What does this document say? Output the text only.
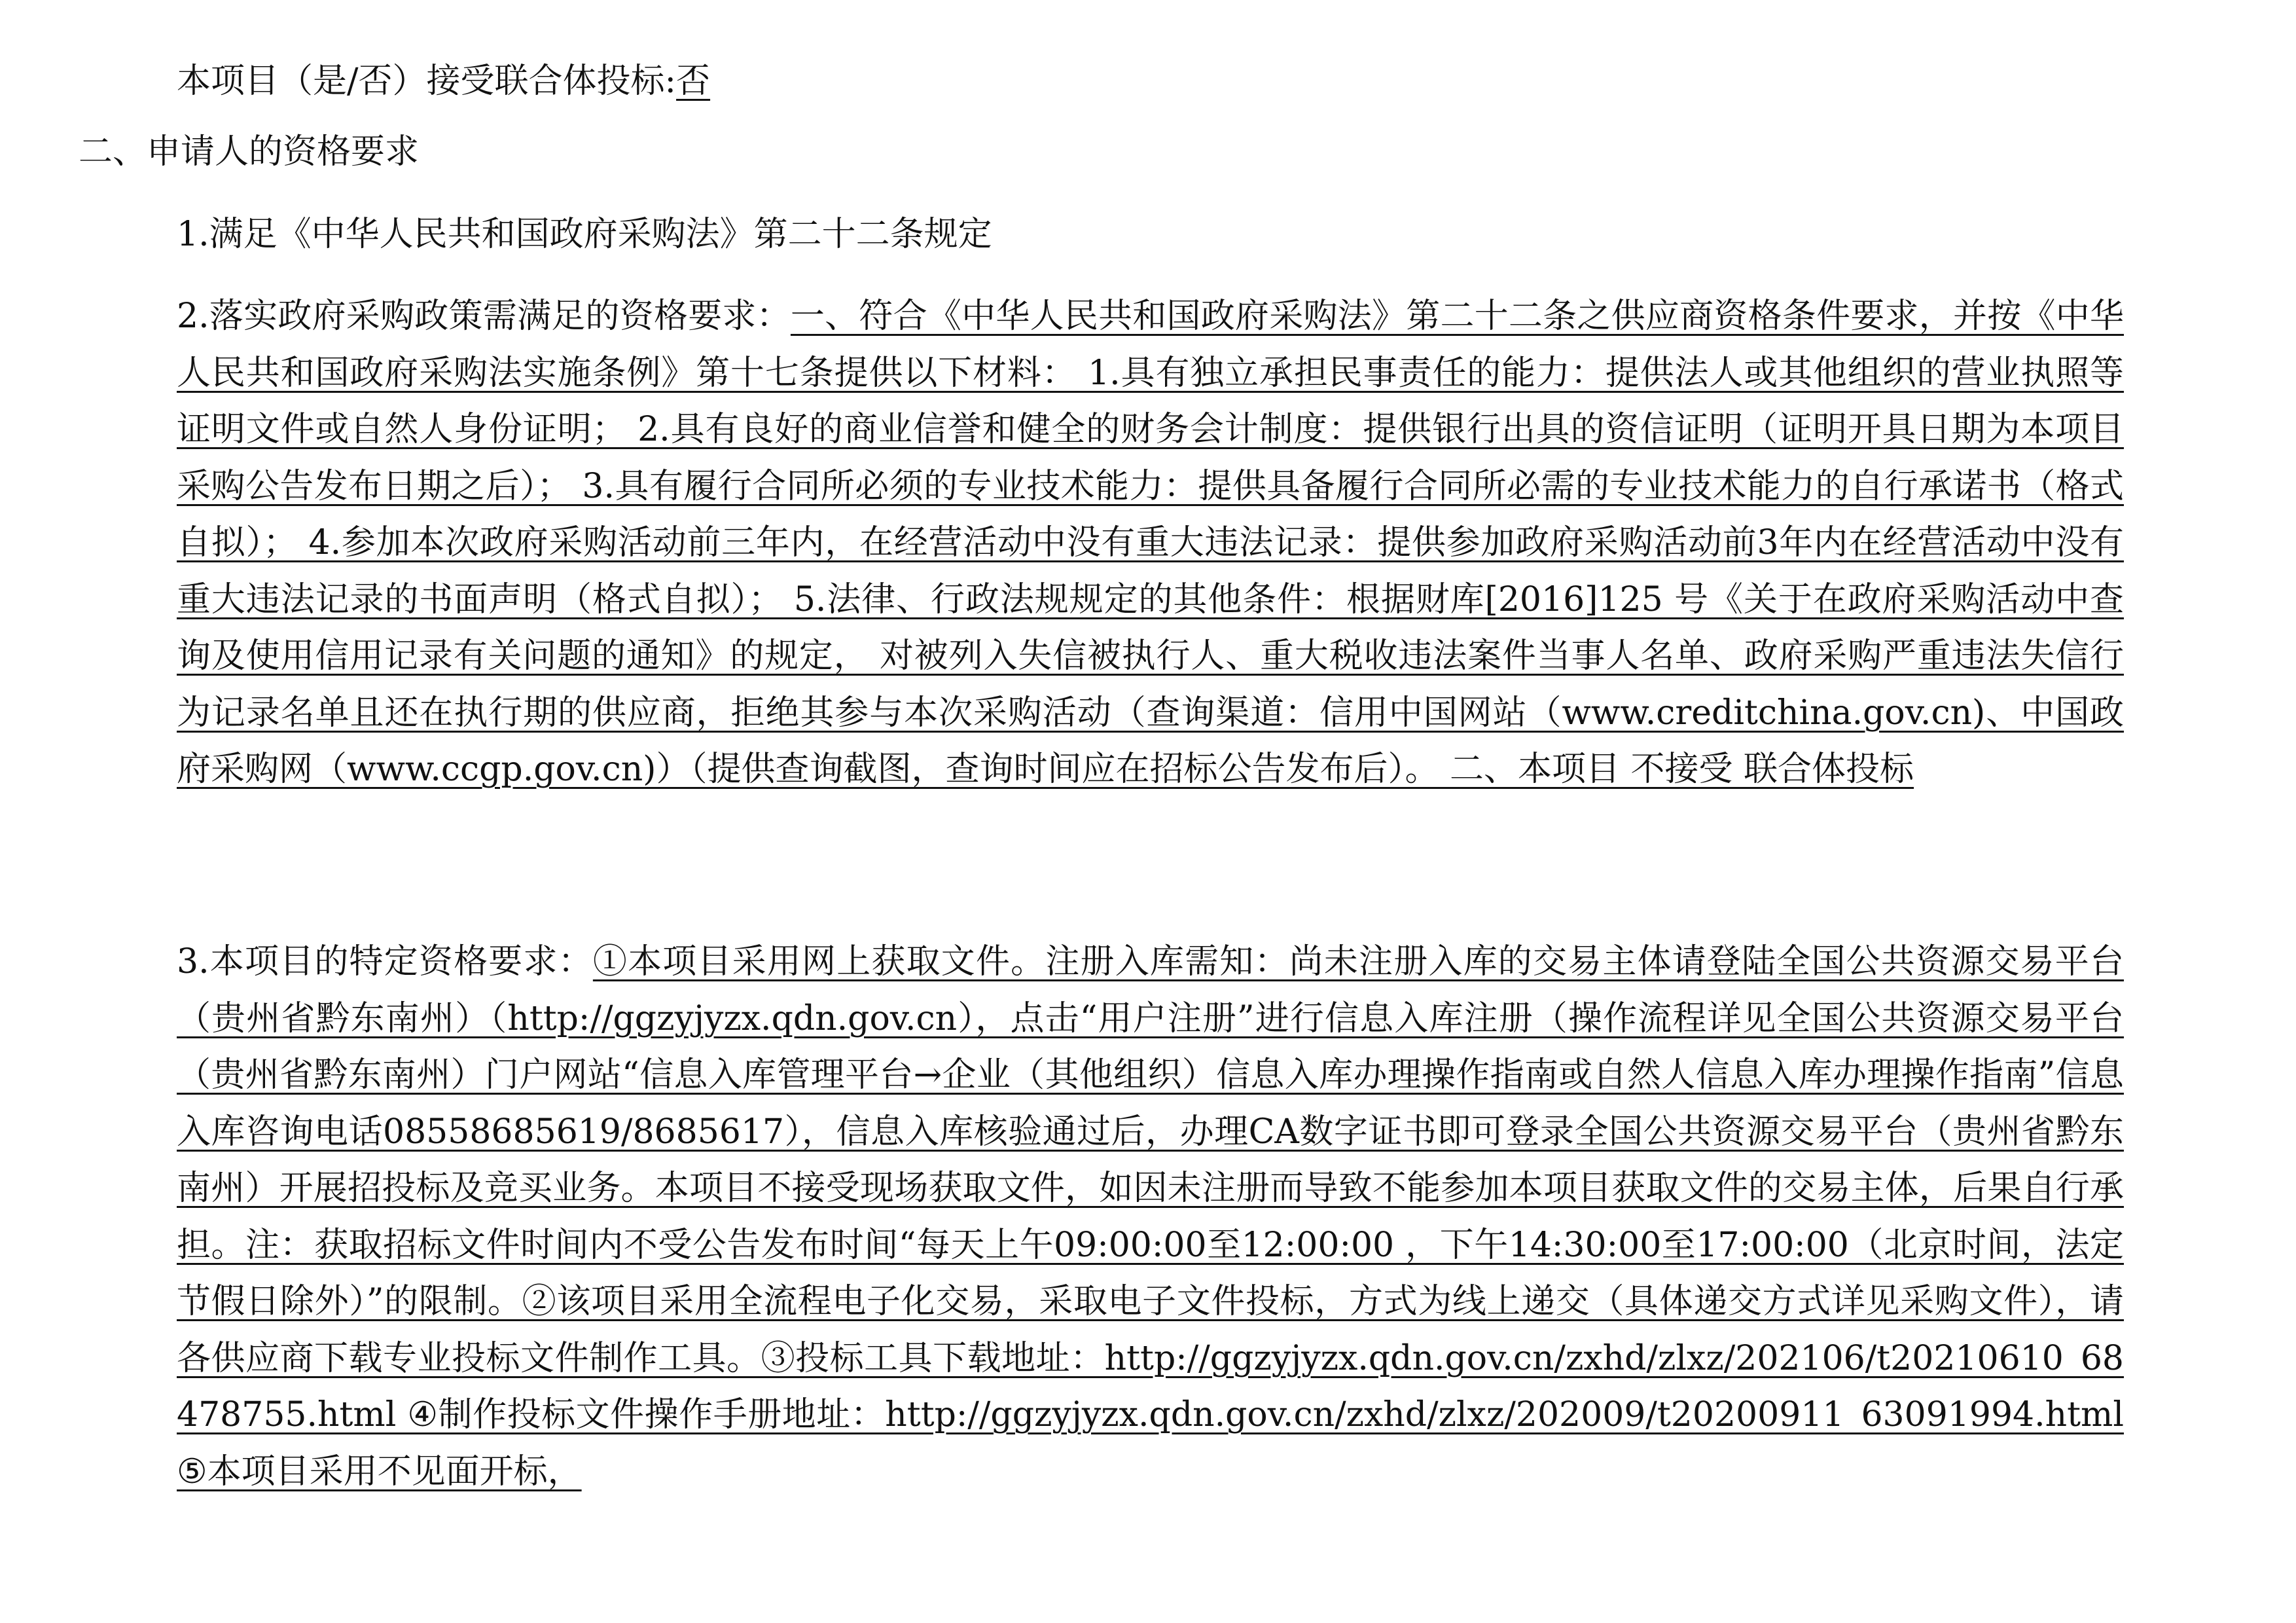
本项目（是/否）接受联合体投标:否
二、申请人的资格要求
1.满足《中华人民共和国政府采购法》第二十二条规定
2.落实政府采购政策需满足的资格要求：一、符合《中华人民共和国政府采购法》第二十二条之供应商资格条件要求，并按《中华人民共和国政府采购法实施条例》第十七条提供以下材料： 1.具有独立承担民事责任的能力：提供法人或其他组织的营业执照等证明文件或自然人身份证明； 2.具有良好的商业信誉和健全的财务会计制度：提供银行出具的资信证明（证明开具日期为本项目采购公告发布日期之后）； 3.具有履行合同所必须的专业技术能力：提供具备履行合同所必需的专业技术能力的自行承诺书（格式自拟）； 4.参加本次政府采购活动前三年内，在经营活动中没有重大违法记录：提供参加政府采购活动前3年内在经营活动中没有重大违法记录的书面声明（格式自拟）； 5.法律、行政法规规定的其他条件：根据财库[2016]125 号《关于在政府采购活动中查询及使用信用记录有关问题的通知》的规定， 对被列入失信被执行人、重大税收违法案件当事人名单、政府采购严重违法失信行为记录名单且还在执行期的供应商，拒绝其参与本次采购活动（查询渠道：信用中国网站（www.creditchina.gov.cn)、中国政府采购网（www.ccgp.gov.cn)）（提供查询截图，查询时间应在招标公告发布后）。 二、本项目 不接受 联合体投标
3.本项目的特定资格要求：①本项目采用网上获取文件。注册入库需知：尚未注册入库的交易主体请登陆全国公共资源交易平台（贵州省黔东南州）（http://ggzyjyzx.qdn.gov.cn），点击“用户注册”进行信息入库注册（操作流程详见全国公共资源交易平台（贵州省黔东南州）门户网站“信息入库管理平台→企业（其他组织）信息入库办理操作指南或自然人信息入库办理操作指南”信息入库咨询电话08558685619/8685617），信息入库核验通过后，办理CA数字证书即可登录全国公共资源交易平台（贵州省黔东南州）开展招投标及竞买业务。本项目不接受现场获取文件，如因未注册而导致不能参加本项目获取文件的交易主体，后果自行承担。注：获取招标文件时间内不受公告发布时间“每天上午09:00:00至12:00:00 ，下午14:30:00至17:00:00（北京时间，法定节假日除外）”的限制。②该项目采用全流程电子化交易，采取电子文件投标，方式为线上递交（具体递交方式详见采购文件），请各供应商下载专业投标文件制作工具。③投标工具下载地址：http://ggzyjyzx.qdn.gov.cn/zxhd/zlxz/202106/t20210610_68478755.html ④制作投标文件操作手册地址：http://ggzyjyzx.qdn.gov.cn/zxhd/zlxz/202009/t20200911_63091994.html ⑤本项目采用不见面开标，
